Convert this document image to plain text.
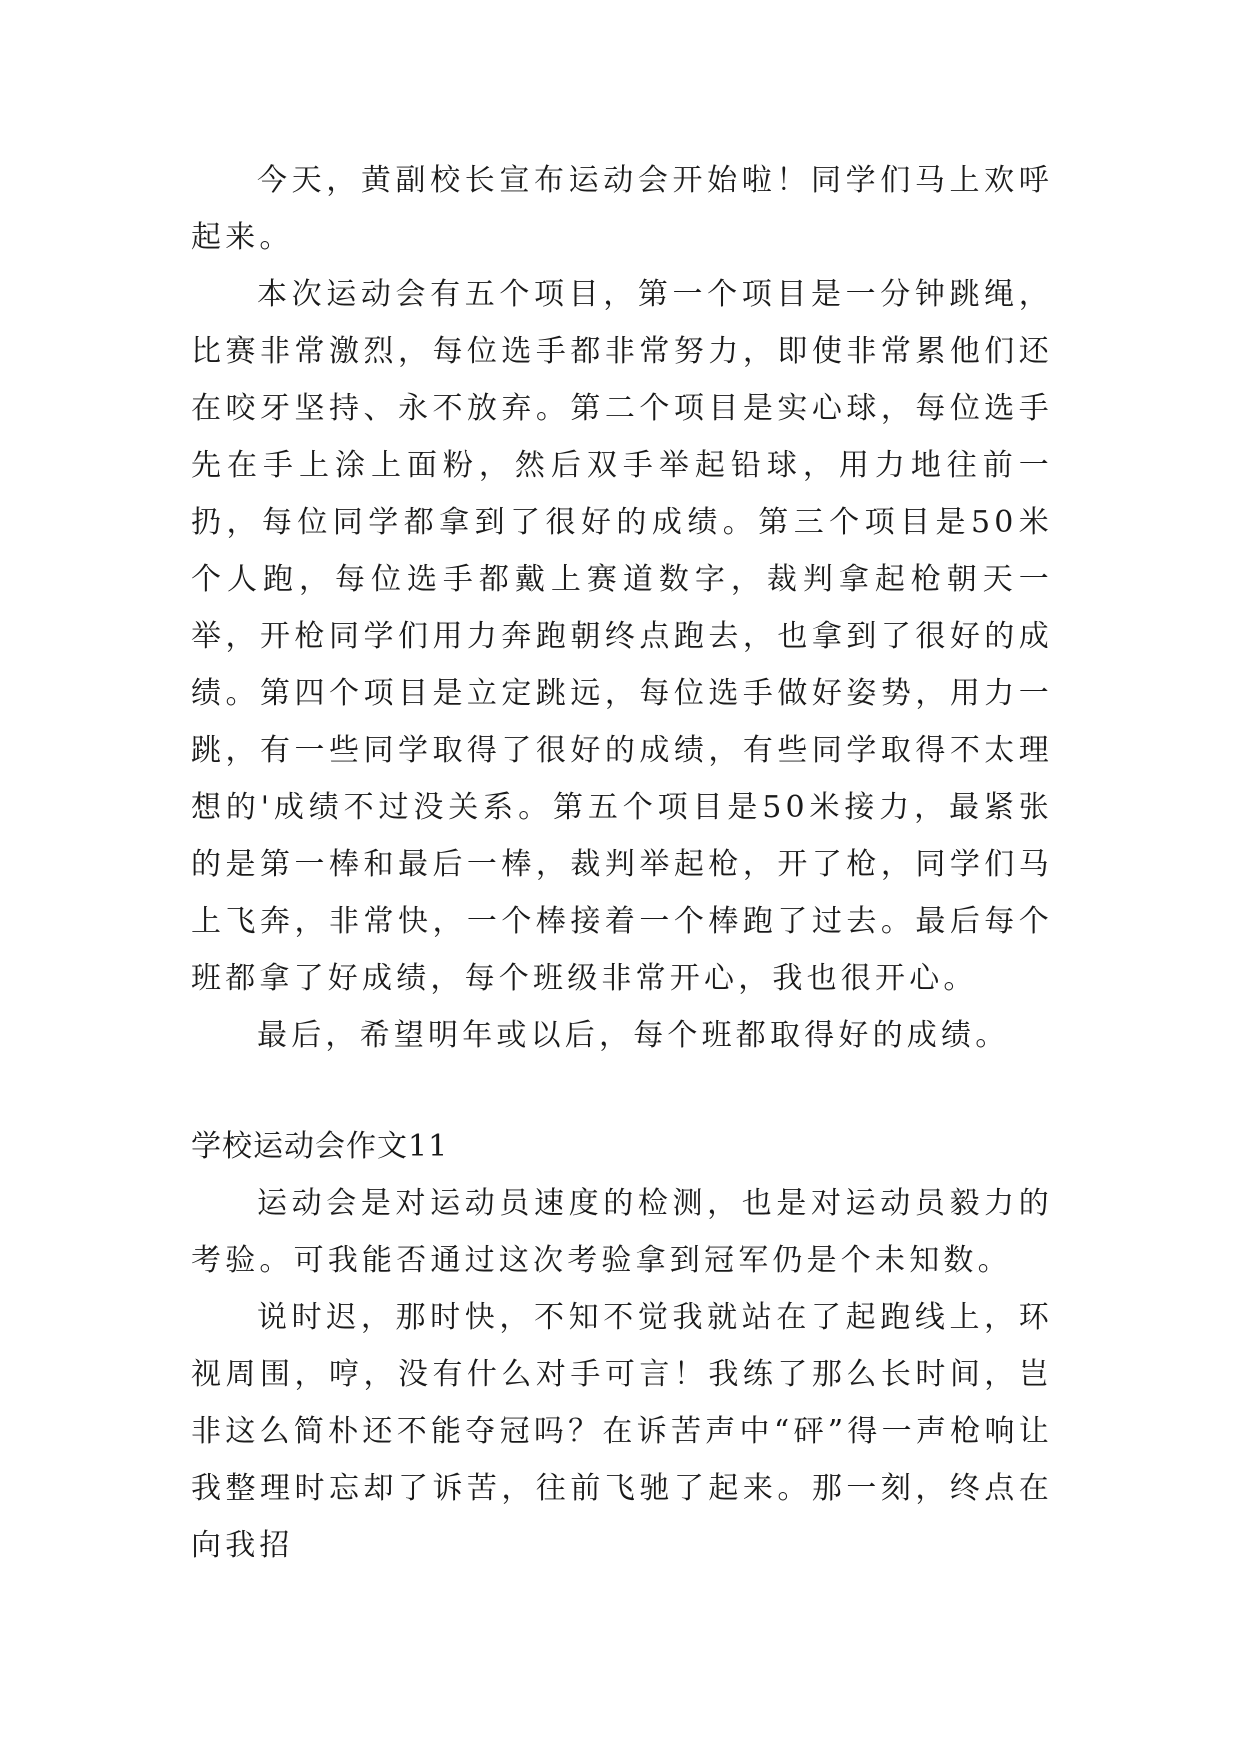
今天，黄副校长宣布运动会开始啦！同学们马上欢呼起来。

本次运动会有五个项目，第一个项目是一分钟跳绳，比赛非常激烈，每位选手都非常努力，即使非常累他们还在咬牙坚持、永不放弃。第二个项目是实心球，每位选手先在手上涂上面粉，然后双手举起铅球，用力地往前一扔，每位同学都拿到了很好的成绩。第三个项目是50米个人跑，每位选手都戴上赛道数字，裁判拿起枪朝天一举，开枪同学们用力奔跑朝终点跑去，也拿到了很好的成绩。第四个项目是立定跳远，每位选手做好姿势，用力一跳，有一些同学取得了很好的成绩，有些同学取得不太理想的'成绩不过没关系。第五个项目是50米接力，最紧张的是第一棒和最后一棒，裁判举起枪，开了枪，同学们马上飞奔，非常快，一个棒接着一个棒跑了过去。最后每个班都拿了好成绩，每个班级非常开心，我也很开心。

最后，希望明年或以后，每个班都取得好的成绩。

学校运动会作文11

运动会是对运动员速度的检测，也是对运动员毅力的考验。可我能否通过这次考验拿到冠军仍是个未知数。

说时迟，那时快，不知不觉我就站在了起跑线上，环视周围，哼，没有什么对手可言！我练了那么长时间，岂非这么简朴还不能夺冠吗？在诉苦声中“砰”得一声枪响让我整理时忘却了诉苦，往前飞驰了起来。那一刻，终点在向我招
